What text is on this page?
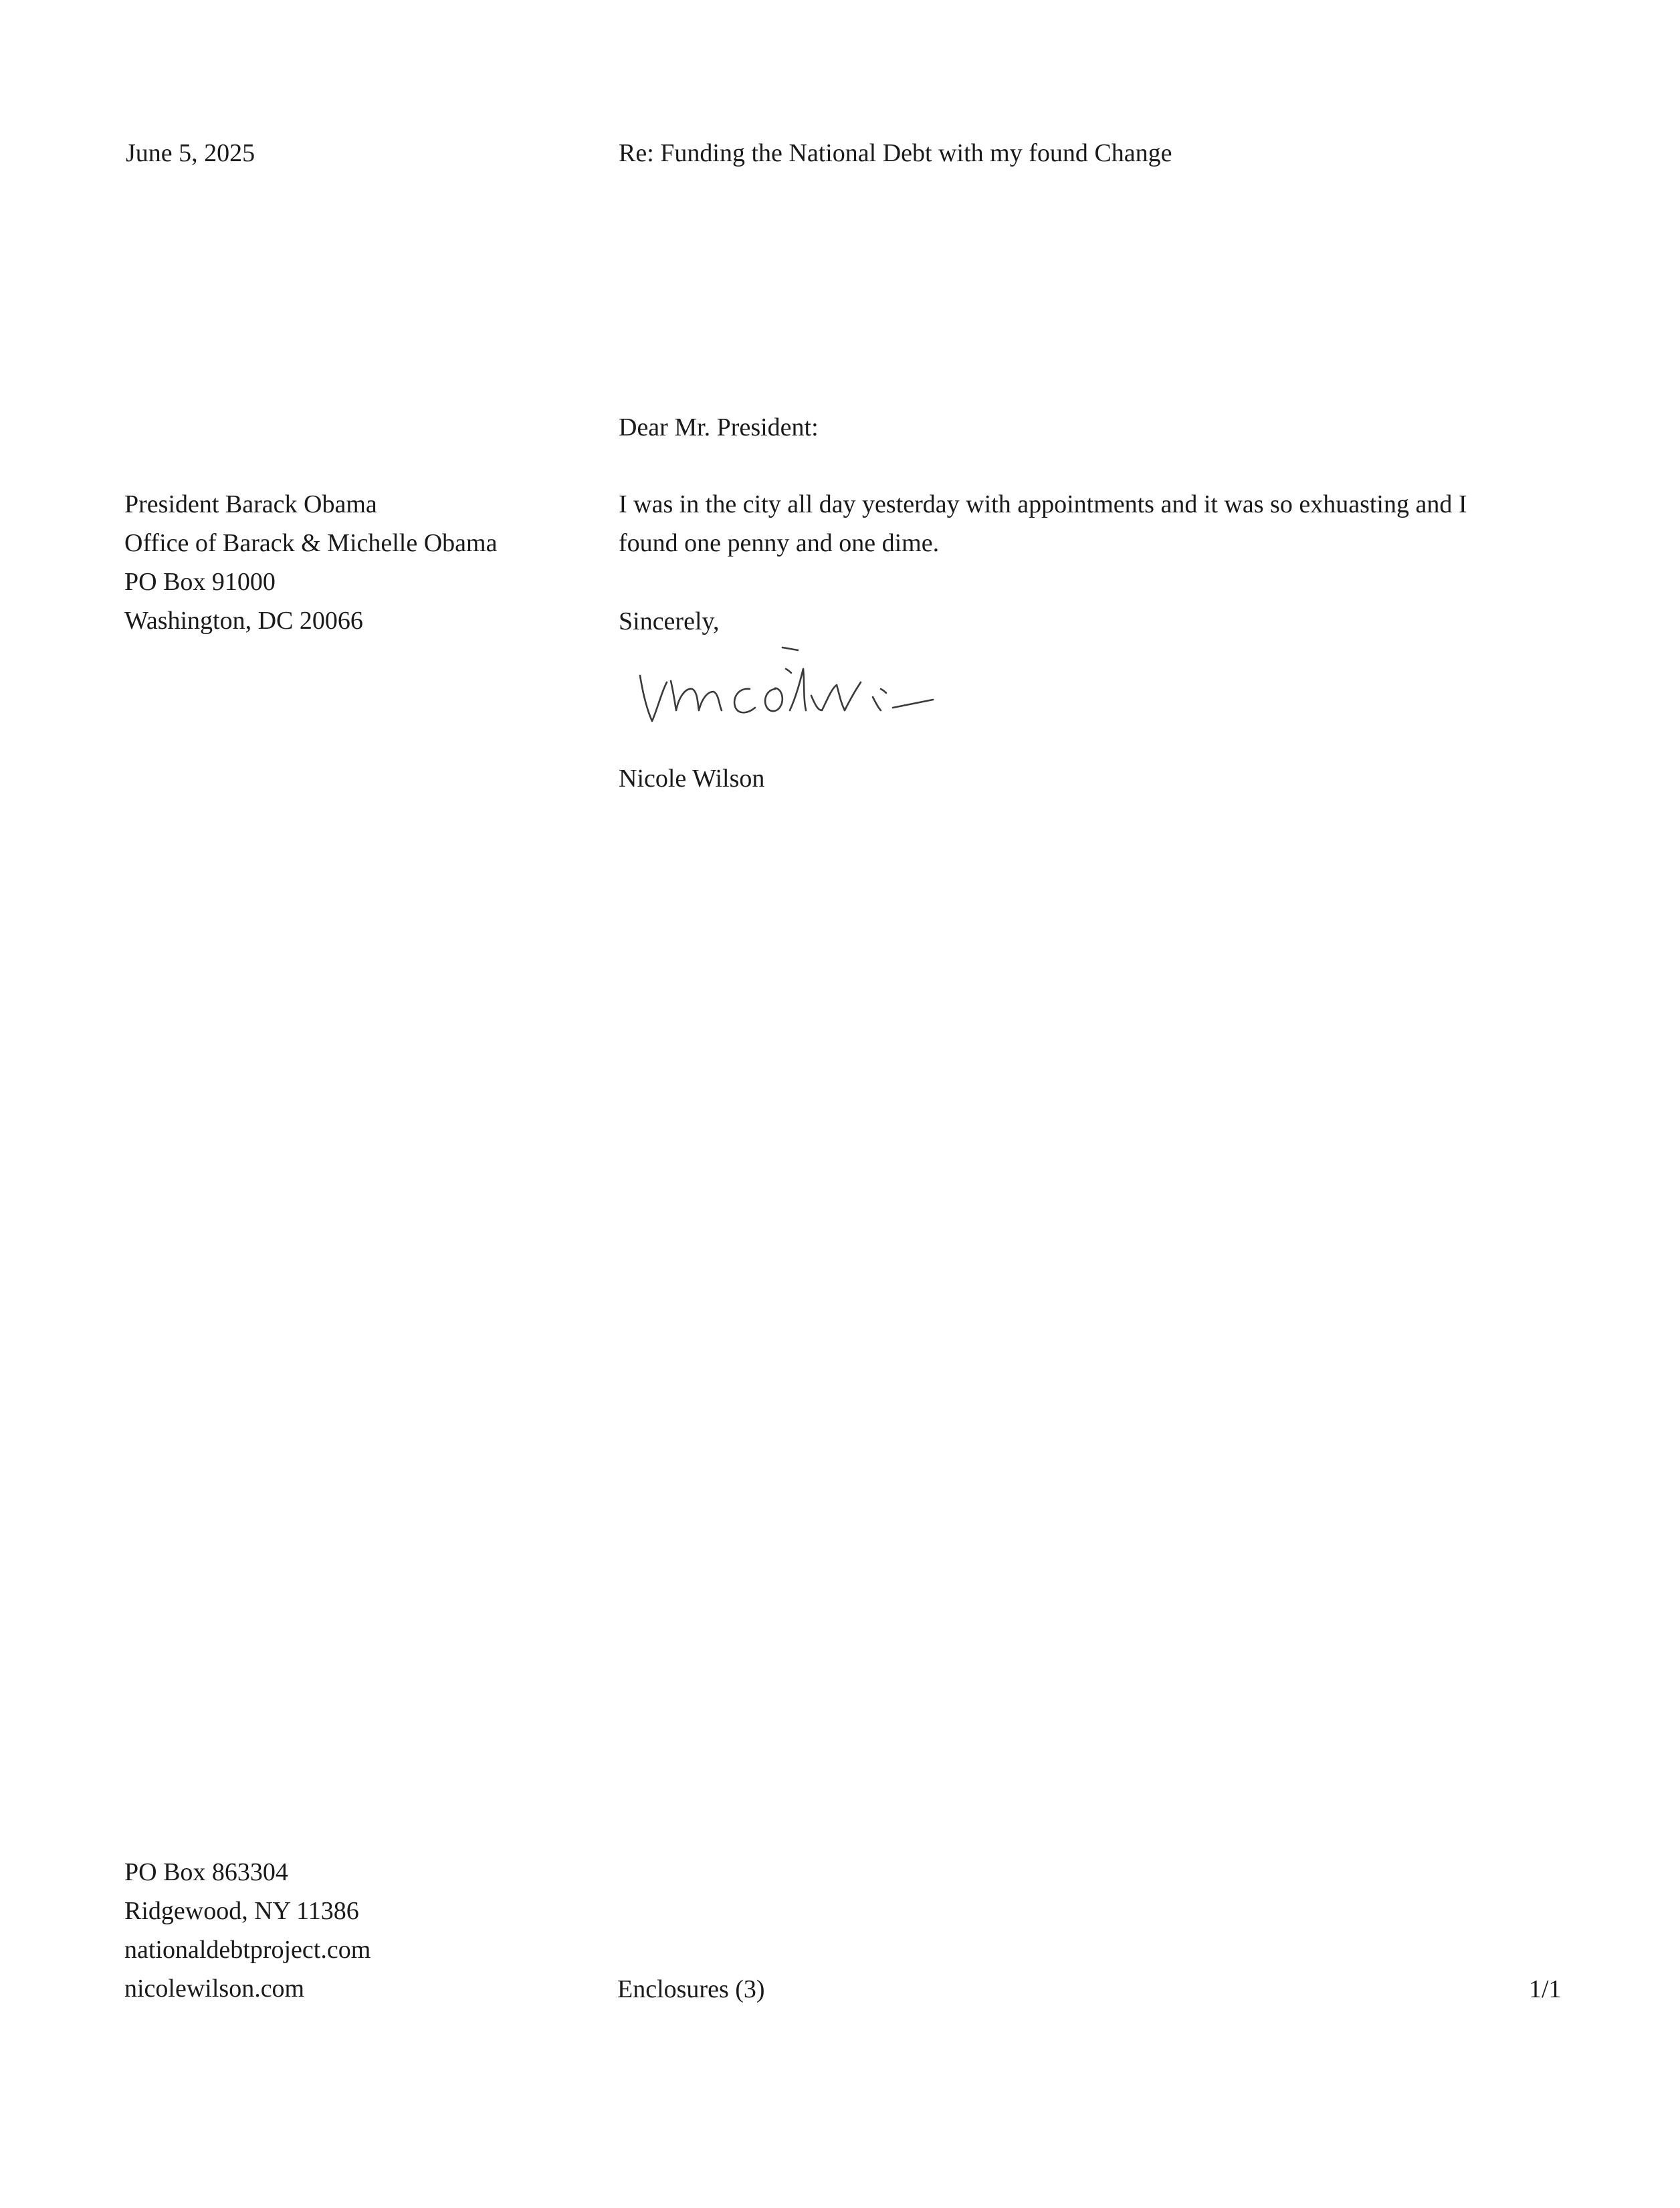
June 5, 2025	Re: Funding the National Debt with my found Change
Dear Mr. President:
President Barack Obama
Office of Barack & Michelle Obama
PO Box 91000
Washington, DC 20066
I was in the city all day yesterday with appointments and it was so exhuasting and I
found one penny and one dime.
Sincerely,
Nicole Wilson
PO Box 863304
Ridgewood, NY 11386
nationaldebtproject.com
nicolewilson.com	Enclosures (3)	1/1
